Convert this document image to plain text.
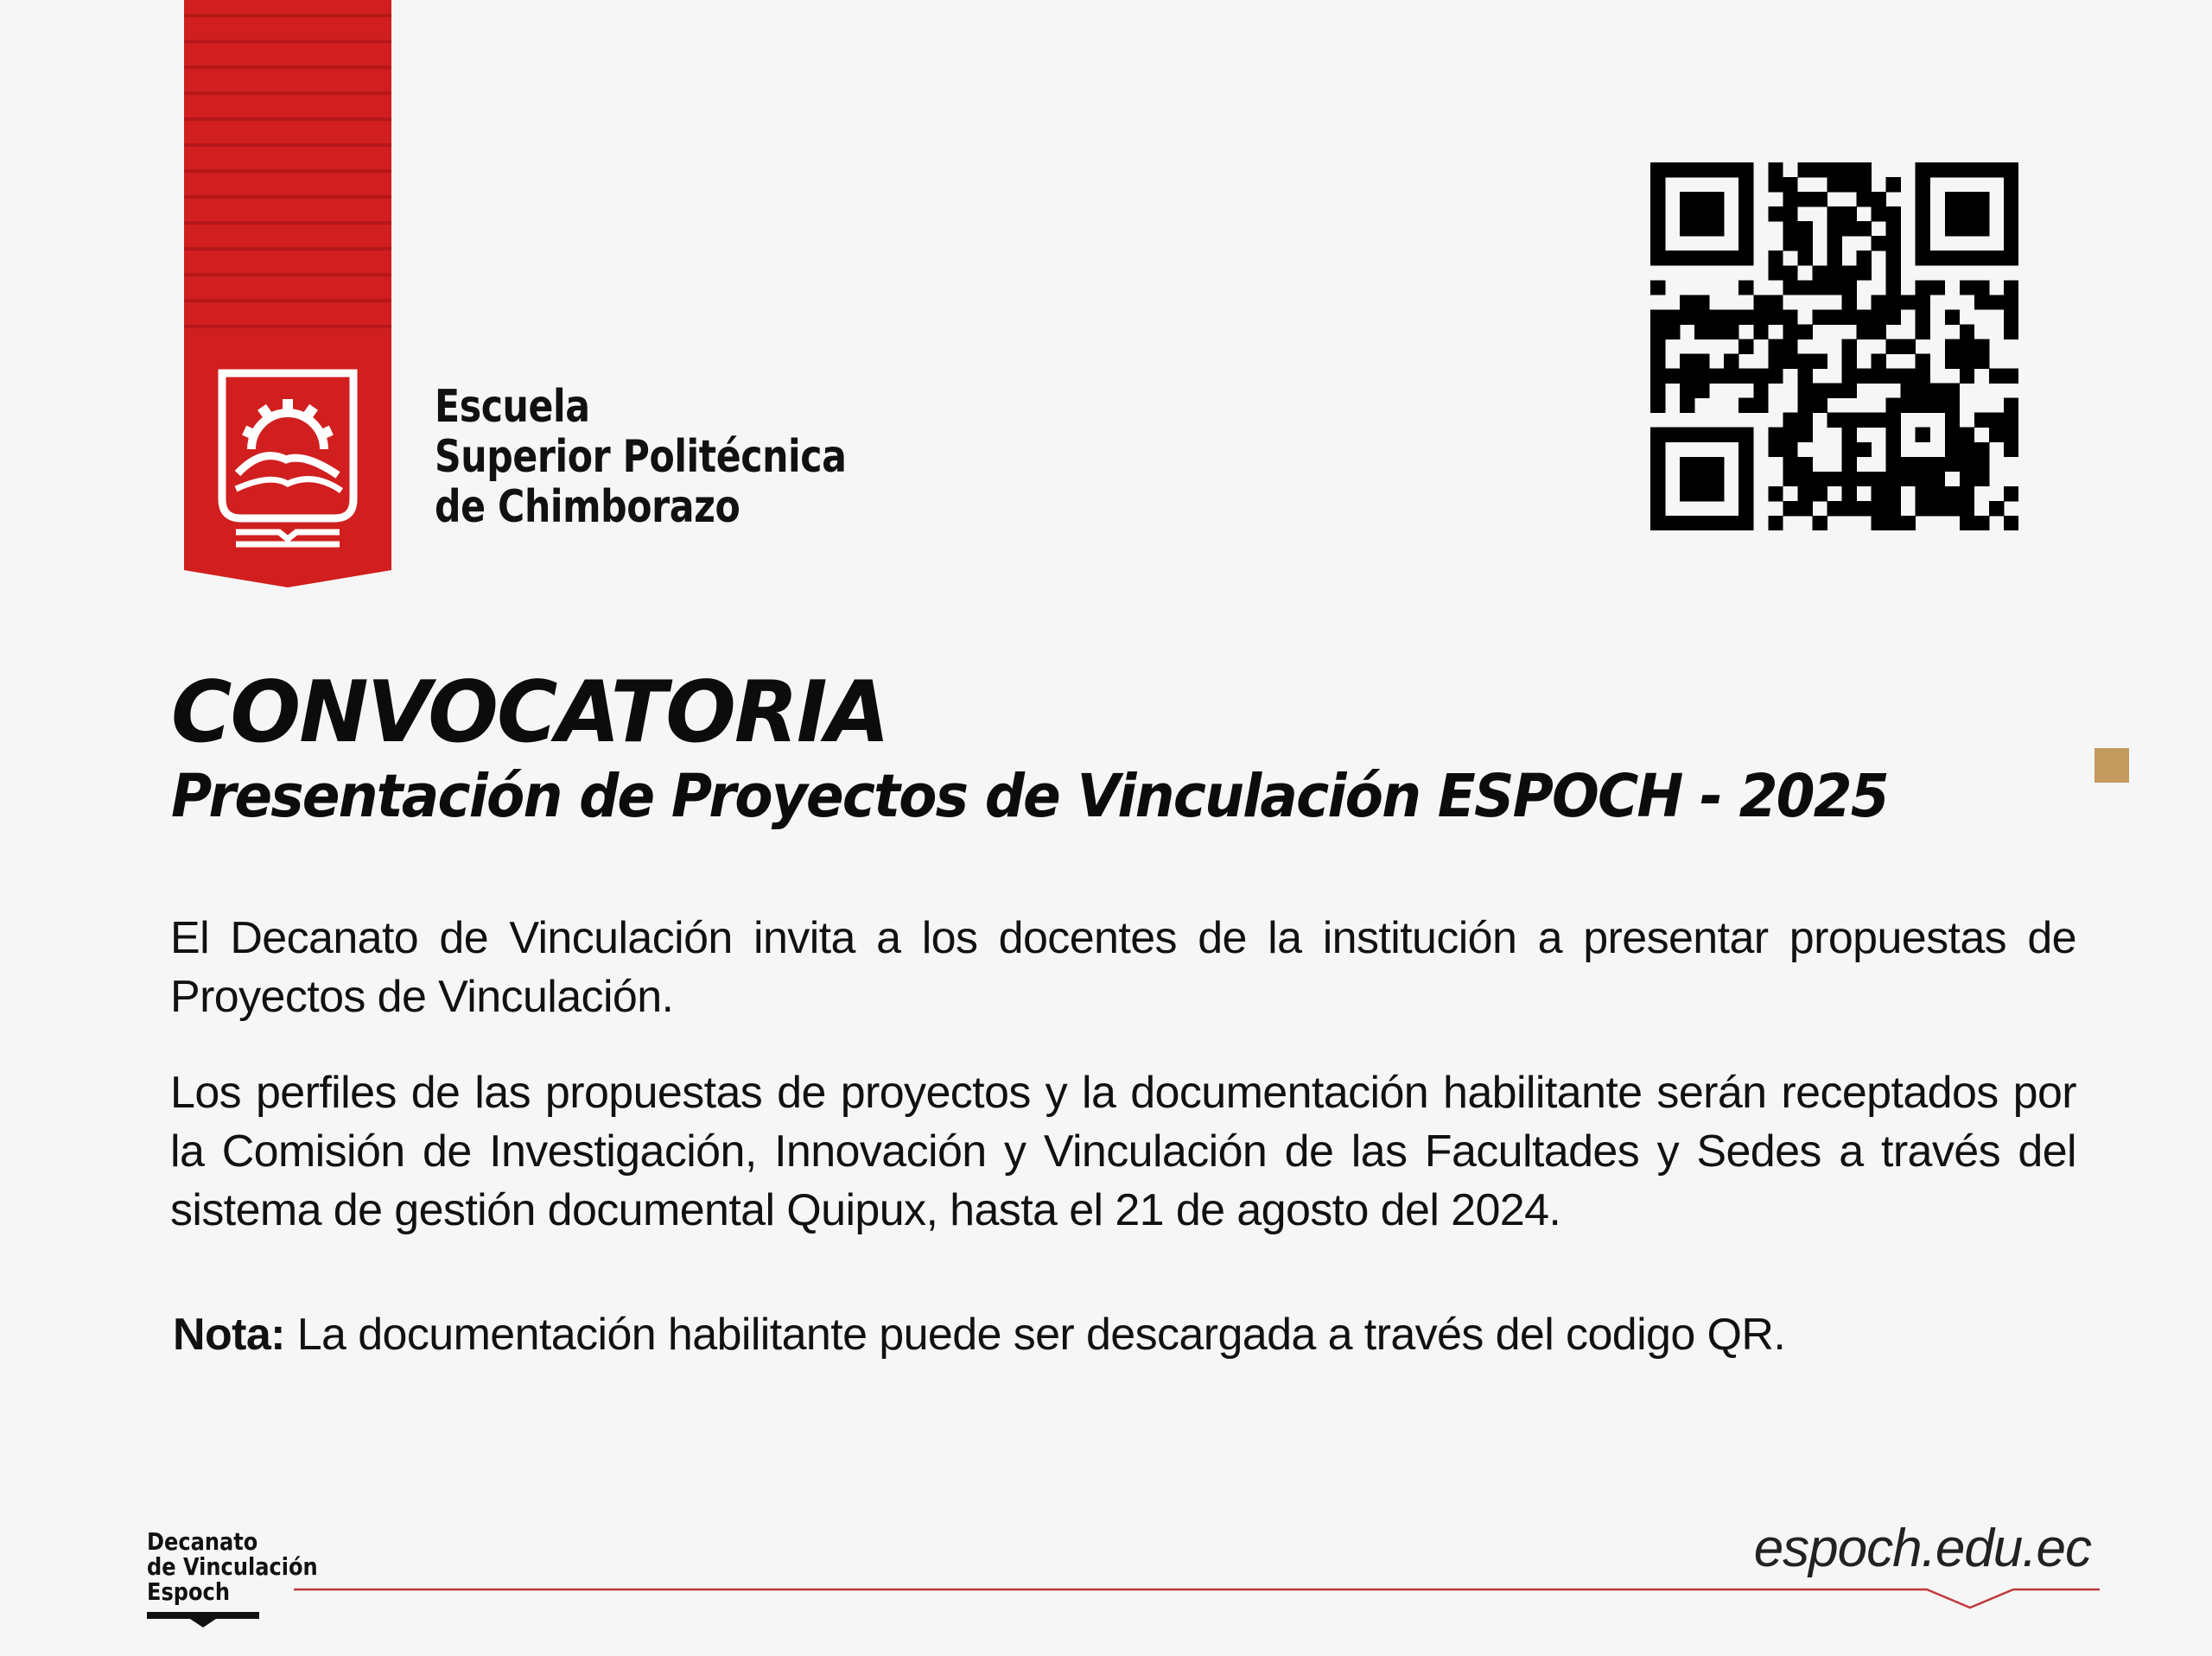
Escuela
Superior Politécnica
de Chimborazo
CONVOCATORIA
Presentación de Proyectos de Vinculación ESPOCH - 2025
El Decanato de Vinculación invita a los docentes de la institución a presentar propuestas de Proyectos de Vinculación.
Los perfiles de las propuestas de proyectos y la documentación habilitante serán receptados por la Comisión de Investigación, Innovación y Vinculación de las Facultades y Sedes a través del sistema de gestión documental Quipux, hasta el 21 de agosto del 2024.
Nota: La documentación habilitante puede ser descargada a través del codigo QR.
Decanato
de Vinculación
Espoch
espoch.edu.ec
